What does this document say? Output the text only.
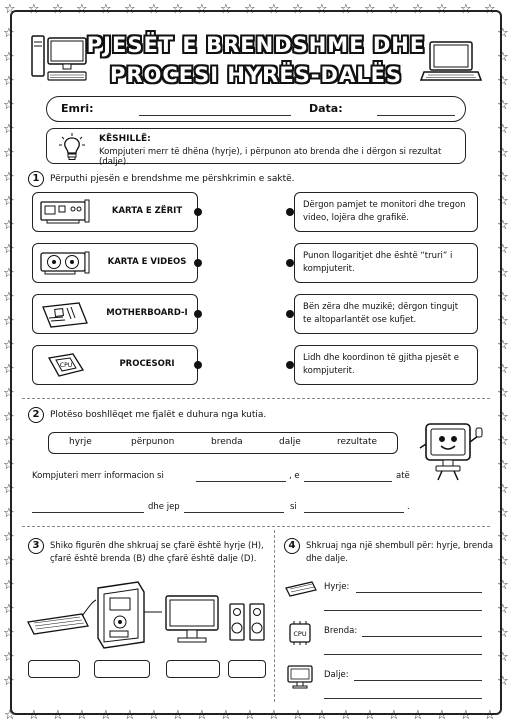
☆
☆
☆
☆
☆
☆
☆
☆
☆
☆
☆
☆
☆
☆
☆
☆
☆
☆
☆
☆
☆
☆
☆
☆
☆
☆
☆
☆
☆
☆
☆
☆
☆
☆
☆
☆
☆
☆
☆
☆
☆
☆
☆	☆
☆	☆
☆	☆
☆	☆
☆	☆
☆	☆
☆	☆
☆	☆
☆	☆
☆	☆
☆	☆
☆	☆
☆	☆
☆	☆
☆	☆
☆	☆
☆	☆
☆	☆
☆	☆
☆	☆
☆	☆
☆	☆
☆	☆
☆	☆
☆	☆
☆	☆
☆	☆
☆	☆
PJESËT E BRENDSHME DHE
PROCESI HYRËS-DALËS
Emri:	Data:
KËSHILLË:
Kompjuteri merr të dhëna (hyrje), i përpunon ato brenda dhe i dërgon si rezultat (dalje).
1	Përputhi pjesën e brendshme me përshkrimin e saktë.
KARTA E ZËRIT
KARTA E VIDEOS
MOTHERBOARD-I
CPU	PROCESORI
Dërgon pamjet te monitori dhe tregon video, lojëra dhe grafikë.
Punon llogaritjet dhe është “truri” i kompjuterit.
Bën zëra dhe muzikë; dërgon tingujt te altoparlantët ose kufjet.
Lidh dhe koordinon të gjitha pjesët e kompjuterit.
2	Plotëso boshllëqet me fjalët e duhura nga kutia.
hyrje	përpunon	brenda	dalje	rezultate
Kompjuteri merr informacion si	, e	atë
dhe jep	si	.
3	Shiko figurën dhe shkruaj se çfarë është hyrje (H),
çfarë është brenda (B) dhe çfarë është dalje (D).
4	Shkruaj nga një shembull për: hyrje, brenda
dhe dalje.
Hyrje:
CPU Brenda:
Dalje:
